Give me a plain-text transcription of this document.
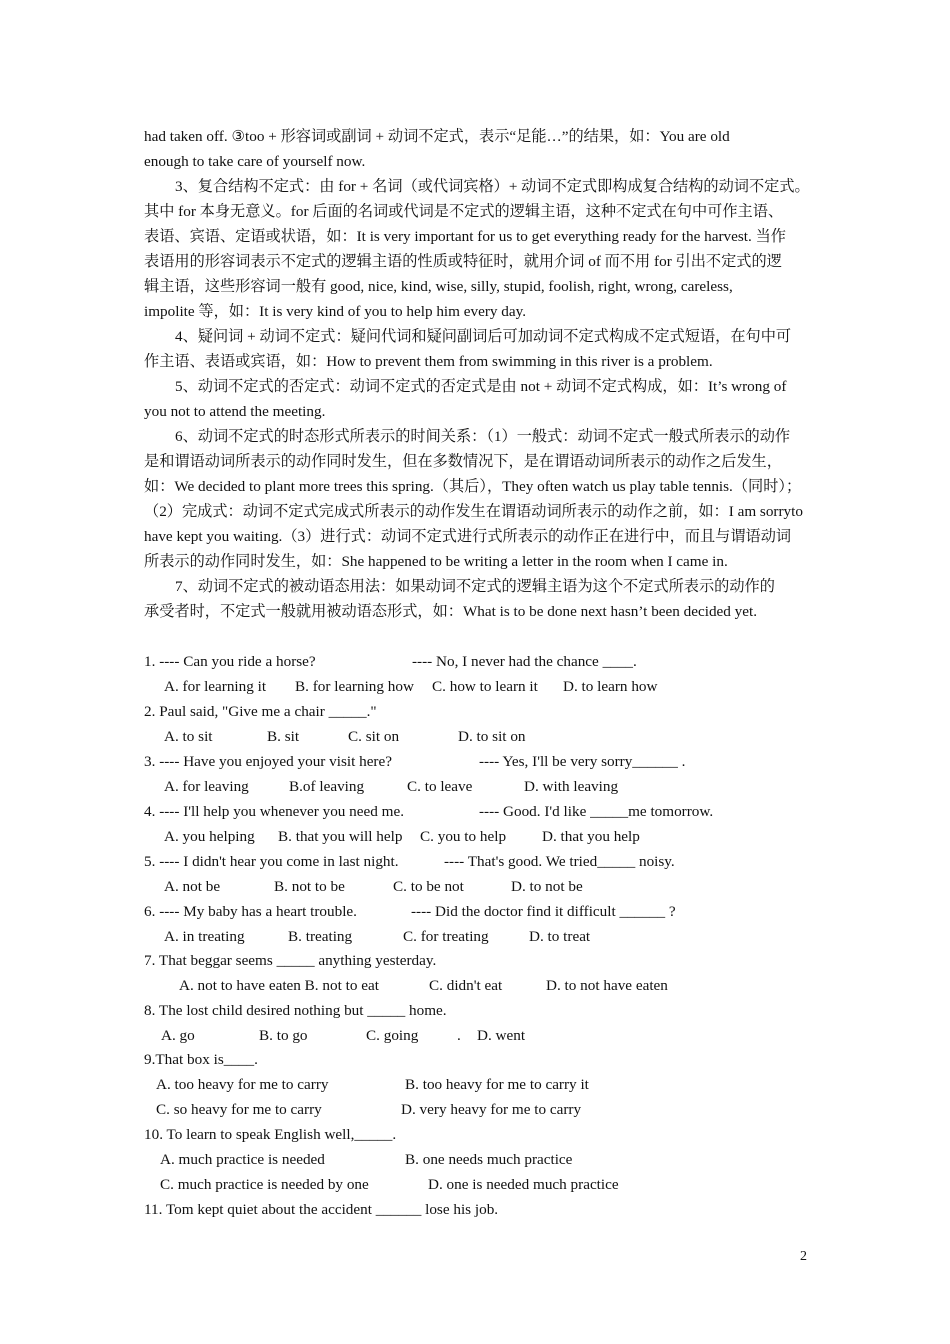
had taken off. ③too + 形容词或副词 + 动词不定式，表示“足能…”的结果，如：You are old
enough to take care of yourself now.
3、复合结构不定式：由 for + 名词（或代词宾格）+ 动词不定式即构成复合结构的动词不定式。
其中 for 本身无意义。for 后面的名词或代词是不定式的逻辑主语，这种不定式在句中可作主语、
表语、宾语、定语或状语，如：It is very important for us to get everything ready for the harvest. 当作
表语用的形容词表示不定式的逻辑主语的性质或特征时，就用介词 of 而不用 for 引出不定式的逻
辑主语，这些形容词一般有 good, nice, kind, wise, silly, stupid, foolish, right, wrong, careless,
impolite 等，如：It is very kind of you to help him every day.
4、疑问词 + 动词不定式：疑问代词和疑问副词后可加动词不定式构成不定式短语，在句中可
作主语、表语或宾语，如：How to prevent them from swimming in this river is a problem.
5、动词不定式的否定式：动词不定式的否定式是由 not + 动词不定式构成，如：It’s wrong of
you not to attend the meeting.
6、动词不定式的时态形式所表示的时间关系：（1）一般式：动词不定式一般式所表示的动作
是和谓语动词所表示的动作同时发生，但在多数情况下，是在谓语动词所表示的动作之后发生，
如：We decided to plant more trees this spring.（其后），They often watch us play table tennis.（同时）；
（2）完成式：动词不定式完成式所表示的动作发生在谓语动词所表示的动作之前，如：I am sorryto
have kept you waiting.（3）进行式：动词不定式进行式所表示的动作正在进行中，而且与谓语动词
所表示的动作同时发生，如：She happened to be writing a letter in the room when I came in.
7、动词不定式的被动语态用法：如果动词不定式的逻辑主语为这个不定式所表示的动作的
承受者时，不定式一般就用被动语态形式，如：What is to be done next hasn’t been decided yet.
1. ---- Can you ride a horse?	---- No, I never had the chance ____.
A. for learning it B. for learning how C. how to learn it D. to learn how
2. Paul said, "Give me a chair _____."
A. to sit	B. sit	C. sit on	D. to sit on
3. ---- Have you enjoyed your visit here?	---- Yes, I'll be very sorry______ .
A. for leaving	B.of leaving	C. to leave	D. with leaving
4. ---- I'll help you whenever you need me.	---- Good. I'd like _____me tomorrow.
A. you helping B. that you will help C. you to help D. that you help
5. ---- I didn't hear you come in last night.	---- That's good. We tried_____ noisy.
A. not be	B. not to be	C. to be not	D. to not be
6. ---- My baby has a heart trouble.	---- Did the doctor find it difficult ______ ?
A. in treating	B. treating	C. for treating	D. to treat
7. That beggar seems _____ anything yesterday.
A. not to have eaten B. not to eat	C. didn't eat	D. to not have eaten
8. The lost child desired nothing but _____ home.
A. go	B. to go	C. going	. D. went
9.That box is____.
A. too heavy for me to carry	B. too heavy for me to carry it
C. so heavy for me to carry	D. very heavy for me to carry
10. To learn to speak English well,_____.
A. much practice is needed	B. one needs much practice
C. much practice is needed by one	D. one is needed much practice
11. Tom kept quiet about the accident ______ lose his job.
2
